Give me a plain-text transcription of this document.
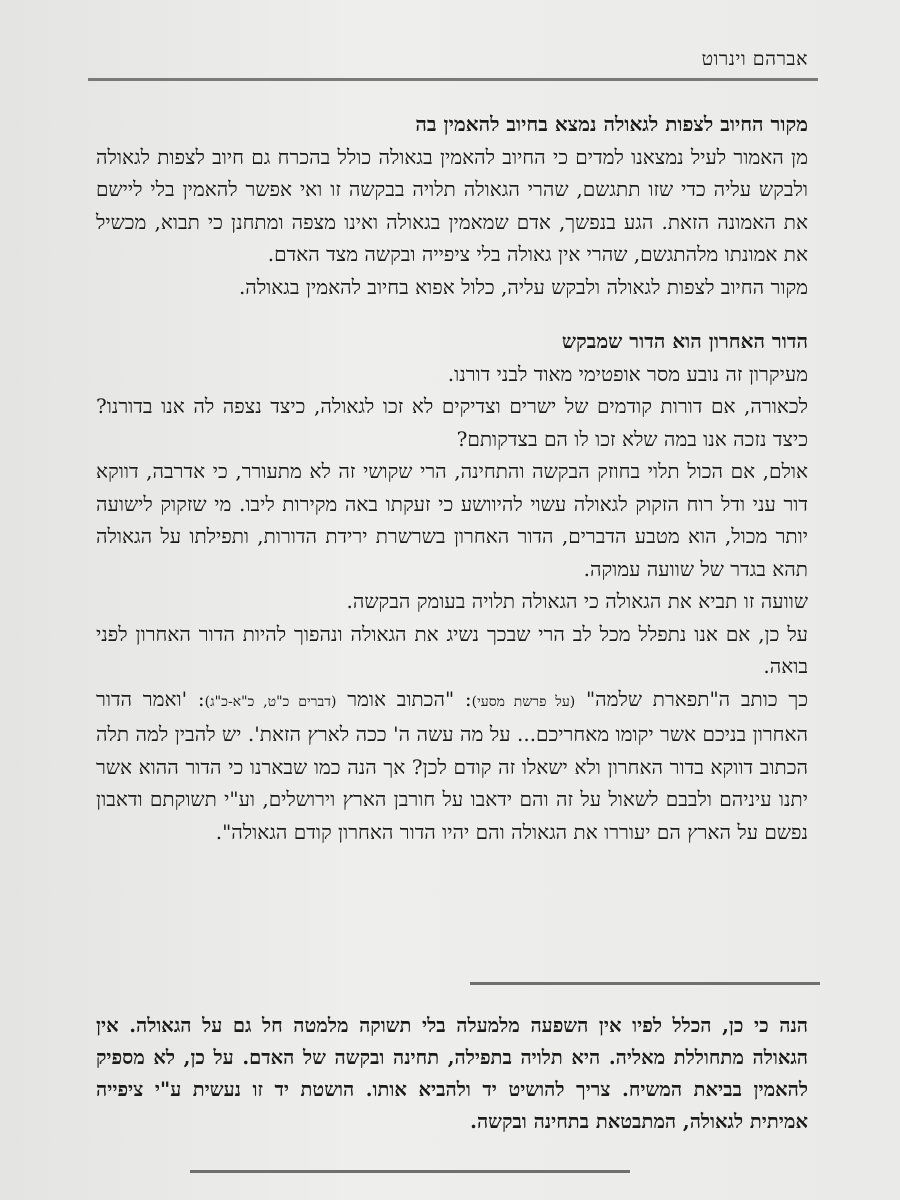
אברהם וינרוט

מקור החיוב לצפות לגאולה נמצא בחיוב להאמין בה

מן האמור לעיל נמצאנו למדים כי החיוב להאמין בגאולה כולל בהכרח גם חיוב לצפות לגאולה ולבקש עליה כדי שזו תתגשם, שהרי הגאולה תלויה בבקשה זו ואי אפשר להאמין בלי ליישם את האמונה הזאת. הגע בנפשך, אדם שמאמין בגאולה ואינו מצפה ומתחנן כי תבוא, מכשיל את אמונתו מלהתגשם, שהרי אין גאולה בלי ציפייה ובקשה מצד האדם.

מקור החיוב לצפות לגאולה ולבקש עליה, כלול אפוא בחיוב להאמין בגאולה.

הדור האחרון הוא הדור שמבקש

מעיקרון זה נובע מסר אופטימי מאוד לבני דורנו.

לכאורה, אם דורות קודמים של ישרים וצדיקים לא זכו לגאולה, כיצד נצפה לה אנו בדורנו? כיצד נזכה אנו במה שלא זכו לו הם בצדקותם?

אולם, אם הכול תלוי בחוזק הבקשה והתחינה, הרי שקושי זה לא מתעורר, כי אדרבה, דווקא דור עני ודל רוח הזקוק לגאולה עשוי להיוושע כי זעקתו באה מקירות ליבו. מי שזקוק לישועה יותר מכול, הוא מטבע הדברים, הדור האחרון בשרשרת ירידת הדורות, ותפילתו על הגאולה תהא בגדר של שוועה עמוקה.

שוועה זו תביא את הגאולה כי הגאולה תלויה בעומק הבקשה.

על כן, אם אנו נתפלל מכל לב הרי שבכך נשיג את הגאולה ונהפוך להיות הדור האחרון לפני בואה.

כך כותב ה"תפארת שלמה" (על פרשת מסעי): "הכתוב אומר (דברים כ"ט, כ"א-כ"ג): 'ואמר הדור האחרון בניכם אשר יקומו מאחריכם... על מה עשה ה' ככה לארץ הזאת'. יש להבין למה תלה הכתוב דווקא בדור האחרון ולא ישאלו זה קודם לכן? אך הנה כמו שבארנו כי הדור ההוא אשר יתנו עיניהם ולבבם לשאול על זה והם ידאבו על חורבן הארץ וירושלים, וע"י תשוקתם ודאבון נפשם על הארץ הם יעוררו את הגאולה והם יהיו הדור האחרון קודם הגאולה".

הנה כי כן, הכלל לפיו אין השפעה מלמעלה בלי תשוקה מלמטה חל גם על הגאולה. אין הגאולה מתחוללת מאליה. היא תלויה בתפילה, תחינה ובקשה של האדם. על כן, לא מספיק להאמין בביאת המשיח. צריך להושיט יד ולהביא אותו. הושטת יד זו נעשית ע"י ציפייה אמיתית לגאולה, המתבטאת בתחינה ובקשה.
